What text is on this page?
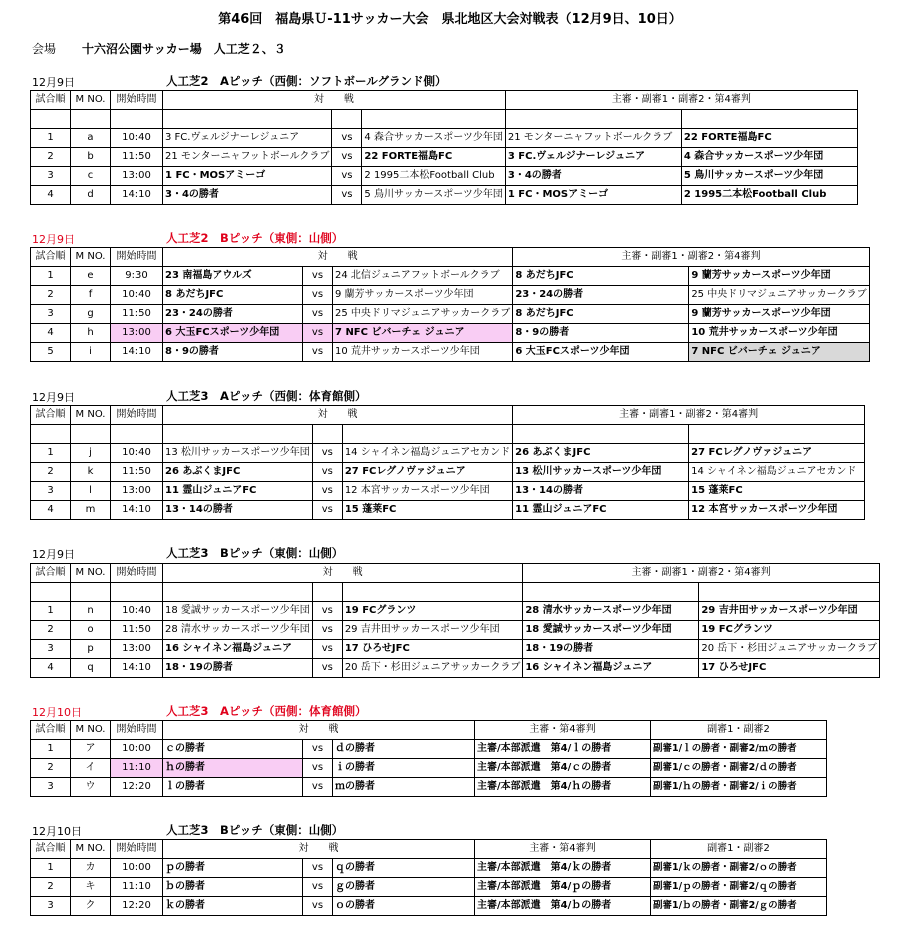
第46回　福島県Ｕ-11サッカー大会　県北地区大会対戦表（12月9日、10日）
会場 十六沼公園サッカー場　人工芝２、３
12月9日	人工芝2　Aピッチ（西側：ソフトボールグランド側）
試合順	M NO.	開始時間	対　　戦			主審・副審1・副審2・第4審判	

1	a	10:40	3 FC.ヴェルジナーレジュニア	vs	4 森合サッカースポーツ少年団	21 モンターニャフットボールクラブ	22 FORTE福島FC
2	b	11:50	21 モンターニャフットボールクラブ	vs	22 FORTE福島FC	3 FC.ヴェルジナーレジュニア	4 森合サッカースポーツ少年団
3	c	13:00	1 FC・MOSアミーゴ	vs	2 1995二本松Football Club	3・4の勝者	5 鳥川サッカースポーツ少年団
4	d	14:10	3・4の勝者	vs	5 鳥川サッカースポーツ少年団	1 FC・MOSアミーゴ	2 1995二本松Football Club
12月9日	人工芝2　Bピッチ（東側：山側）
試合順	M NO.	開始時間	対　　戦			主審・副審1・副審2・第4審判	
1	e	9:30	23 南福島アウルズ	vs	24 北信ジュニアフットボールクラブ	8 あだちJFC	9 蘭芳サッカースポーツ少年団
2	f	10:40	8 あだちJFC	vs	9 蘭芳サッカースポーツ少年団	23・24の勝者	25 中央ドリマジュニアサッカークラブ
3	g	11:50	23・24の勝者	vs	25 中央ドリマジュニアサッカークラブ	8 あだちJFC	9 蘭芳サッカースポーツ少年団
4	h	13:00	6 大玉FCスポーツ少年団	vs	7 NFC ビバーチェ ジュニア	8・9の勝者	10 荒井サッカースポーツ少年団
5	i	14:10	8・9の勝者	vs	10 荒井サッカースポーツ少年団	6 大玉FCスポーツ少年団	7 NFC ビバーチェ ジュニア
12月9日	人工芝3　Aピッチ（西側：体育館側）
試合順	M NO.	開始時間	対　　戦			主審・副審1・副審2・第4審判	

1	j	10:40	13 松川サッカースポーツ少年団	vs	14 シャイネン福島ジュニアセカンド	26 あぶくまJFC	27 FCレグノヴァジュニア
2	k	11:50	26 あぶくまJFC	vs	27 FCレグノヴァジュニア	13 松川サッカースポーツ少年団	14 シャイネン福島ジュニアセカンド
3	l	13:00	11 霊山ジュニアFC	vs	12 本宮サッカースポーツ少年団	13・14の勝者	15 蓬莱FC
4	m	14:10	13・14の勝者	vs	15 蓬莱FC	11 霊山ジュニアFC	12 本宮サッカースポーツ少年団
12月9日	人工芝3　Bピッチ（東側：山側）
試合順	M NO.	開始時間	対　　戦			主審・副審1・副審2・第4審判	

1	n	10:40	18 愛誠サッカースポーツ少年団	vs	19 FCグランツ	28 清水サッカースポーツ少年団	29 吉井田サッカースポーツ少年団
2	o	11:50	28 清水サッカースポーツ少年団	vs	29 吉井田サッカースポーツ少年団	18 愛誠サッカースポーツ少年団	19 FCグランツ
3	p	13:00	16 シャイネン福島ジュニア	vs	17 ひろせJFC	18・19の勝者	20 岳下・杉田ジュニアサッカークラブ
4	q	14:10	18・19の勝者	vs	20 岳下・杉田ジュニアサッカークラブ	16 シャイネン福島ジュニア	17 ひろせJFC
12月10日	人工芝3　Aピッチ（西側：体育館側）
試合順	M NO.	開始時間	対　　戦			主審・第4審判	副審1・副審2
1	ア	10:00	ｃの勝者	vs	ｄの勝者	主審/本部派遣　第4/ｌの勝者	副審1/ｌの勝者・副審2/ｍの勝者
2	イ	11:10	ｈの勝者	vs	ｉの勝者	主審/本部派遣　第4/ｃの勝者	副審1/ｃの勝者・副審2/ｄの勝者
3	ウ	12:20	ｌの勝者	vs	ｍの勝者	主審/本部派遣　第4/ｈの勝者	副審1/ｈの勝者・副審2/ｉの勝者
12月10日	人工芝3　Bピッチ（東側：山側）
試合順	M NO.	開始時間	対　　戦			主審・第4審判	副審1・副審2
1	カ	10:00	ｐの勝者	vs	ｑの勝者	主審/本部派遣　第4/ｋの勝者	副審1/ｋの勝者・副審2/ｏの勝者
2	キ	11:10	ｂの勝者	vs	ｇの勝者	主審/本部派遣　第4/ｐの勝者	副審1/ｐの勝者・副審2/ｑの勝者
3	ク	12:20	ｋの勝者	vs	ｏの勝者	主審/本部派遣　第4/ｂの勝者	副審1/ｂの勝者・副審2/ｇの勝者
